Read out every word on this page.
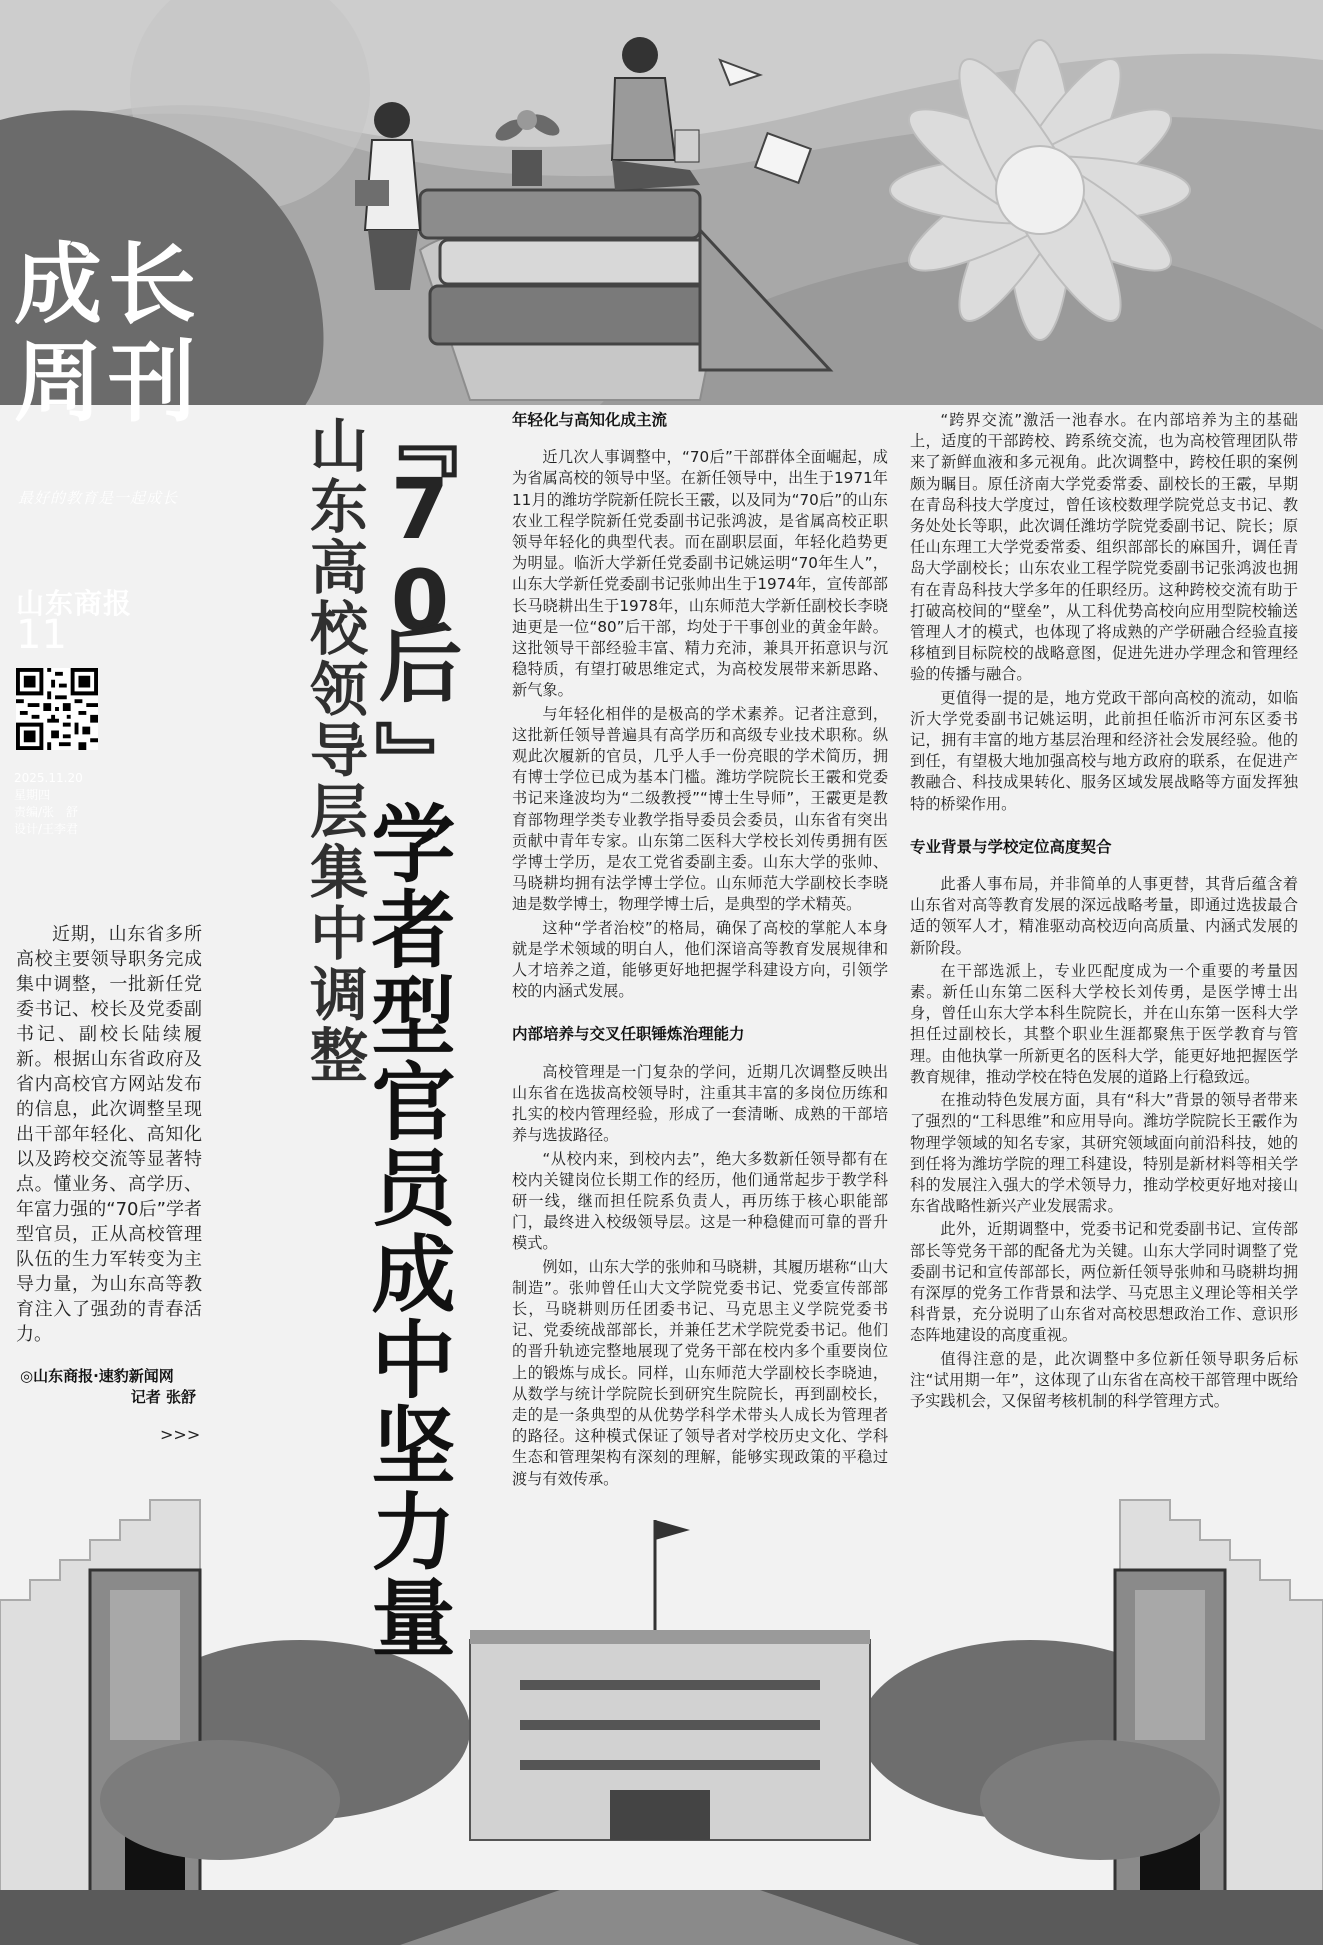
成长周刊
最好的教育是一起成长
山东商报
11
2025.11.20
星期四
责编/张　舒
设计/王李君
近期，山东省多所高校主要领导职务完成集中调整，一批新任党委书记、校长及党委副书记、副校长陆续履新。根据山东省政府及省内高校官方网站发布的信息，此次调整呈现出干部年轻化、高知化以及跨校交流等显著特点。懂业务、高学历、年富力强的“70后”学者型官员，正从高校管理队伍的生力军转变为主导力量，为山东高等教育注入了强劲的青春活力。
◎山东商报·速豹新闻网
记者 张舒
>>>
山东高校领导层集中调整
『
70
后
』
学者型官员成中坚力量
年轻化与高知化成主流

近几次人事调整中，“70后”干部群体全面崛起，成为省属高校的领导中坚。在新任领导中，出生于1971年11月的潍坊学院新任院长王霰，以及同为“70后”的山东农业工程学院新任党委副书记张鸿波，是省属高校正职领导年轻化的典型代表。而在副职层面，年轻化趋势更为明显。临沂大学新任党委副书记姚运明“70年生人”，山东大学新任党委副书记张帅出生于1974年，宣传部部长马晓耕出生于1978年，山东师范大学新任副校长李晓迪更是一位“80”后干部，均处于干事创业的黄金年龄。这批领导干部经验丰富、精力充沛，兼具开拓意识与沉稳特质，有望打破思维定式，为高校发展带来新思路、新气象。

与年轻化相伴的是极高的学术素养。记者注意到，这批新任领导普遍具有高学历和高级专业技术职称。纵观此次履新的官员，几乎人手一份亮眼的学术简历，拥有博士学位已成为基本门槛。潍坊学院院长王霰和党委书记来逢波均为“二级教授”“博士生导师”，王霰更是教育部物理学类专业教学指导委员会委员，山东省有突出贡献中青年专家。山东第二医科大学校长刘传勇拥有医学博士学历，是农工党省委副主委。山东大学的张帅、马晓耕均拥有法学博士学位。山东师范大学副校长李晓迪是数学博士，物理学博士后，是典型的学术精英。

这种“学者治校”的格局，确保了高校的掌舵人本身就是学术领域的明白人，他们深谙高等教育发展规律和人才培养之道，能够更好地把握学科建设方向，引领学校的内涵式发展。

内部培养与交叉任职锤炼治理能力

高校管理是一门复杂的学问，近期几次调整反映出山东省在选拔高校领导时，注重其丰富的多岗位历练和扎实的校内管理经验，形成了一套清晰、成熟的干部培养与选拔路径。

“从校内来，到校内去”，绝大多数新任领导都有在校内关键岗位长期工作的经历，他们通常起步于教学科研一线，继而担任院系负责人，再历练于核心职能部门，最终进入校级领导层。这是一种稳健而可靠的晋升模式。

例如，山东大学的张帅和马晓耕，其履历堪称“山大制造”。张帅曾任山大文学院党委书记、党委宣传部部长，马晓耕则历任团委书记、马克思主义学院党委书记、党委统战部部长，并兼任艺术学院党委书记。他们的晋升轨迹完整地展现了党务干部在校内多个重要岗位上的锻炼与成长。同样，山东师范大学副校长李晓迪，从数学与统计学院院长到研究生院院长，再到副校长，走的是一条典型的从优势学科学术带头人成长为管理者的路径。这种模式保证了领导者对学校历史文化、学科生态和管理架构有深刻的理解，能够实现政策的平稳过渡与有效传承。

“跨界交流”激活一池春水。在内部培养为主的基础上，适度的干部跨校、跨系统交流，也为高校管理团队带来了新鲜血液和多元视角。此次调整中，跨校任职的案例颇为瞩目。原任济南大学党委常委、副校长的王霰，早期在青岛科技大学度过，曾任该校数理学院党总支书记、教务处处长等职，此次调任潍坊学院党委副书记、院长；原任山东理工大学党委常委、组织部部长的麻国升，调任青岛大学副校长；山东农业工程学院党委副书记张鸿波也拥有在青岛科技大学多年的任职经历。这种跨校交流有助于打破高校间的“壁垒”，从工科优势高校向应用型院校输送管理人才的模式，也体现了将成熟的产学研融合经验直接移植到目标院校的战略意图，促进先进办学理念和管理经验的传播与融合。

更值得一提的是，地方党政干部向高校的流动，如临沂大学党委副书记姚运明，此前担任临沂市河东区委书记，拥有丰富的地方基层治理和经济社会发展经验。他的到任，有望极大地加强高校与地方政府的联系，在促进产教融合、科技成果转化、服务区域发展战略等方面发挥独特的桥梁作用。

专业背景与学校定位高度契合

此番人事布局，并非简单的人事更替，其背后蕴含着山东省对高等教育发展的深远战略考量，即通过选拔最合适的领军人才，精准驱动高校迈向高质量、内涵式发展的新阶段。

在干部选派上，专业匹配度成为一个重要的考量因素。新任山东第二医科大学校长刘传勇，是医学博士出身，曾任山东大学本科生院院长，并在山东第一医科大学担任过副校长，其整个职业生涯都聚焦于医学教育与管理。由他执掌一所新更名的医科大学，能更好地把握医学教育规律，推动学校在特色发展的道路上行稳致远。

在推动特色发展方面，具有“科大”背景的领导者带来了强烈的“工科思维”和应用导向。潍坊学院院长王霰作为物理学领域的知名专家，其研究领域面向前沿科技，她的到任将为潍坊学院的理工科建设，特别是新材料等相关学科的发展注入强大的学术领导力，推动学校更好地对接山东省战略性新兴产业发展需求。

此外，近期调整中，党委书记和党委副书记、宣传部部长等党务干部的配备尤为关键。山东大学同时调整了党委副书记和宣传部部长，两位新任领导张帅和马晓耕均拥有深厚的党务工作背景和法学、马克思主义理论等相关学科背景，充分说明了山东省对高校思想政治工作、意识形态阵地建设的高度重视。

值得注意的是，此次调整中多位新任领导职务后标注“试用期一年”，这体现了山东省在高校干部管理中既给予实践机会，又保留考核机制的科学管理方式。
